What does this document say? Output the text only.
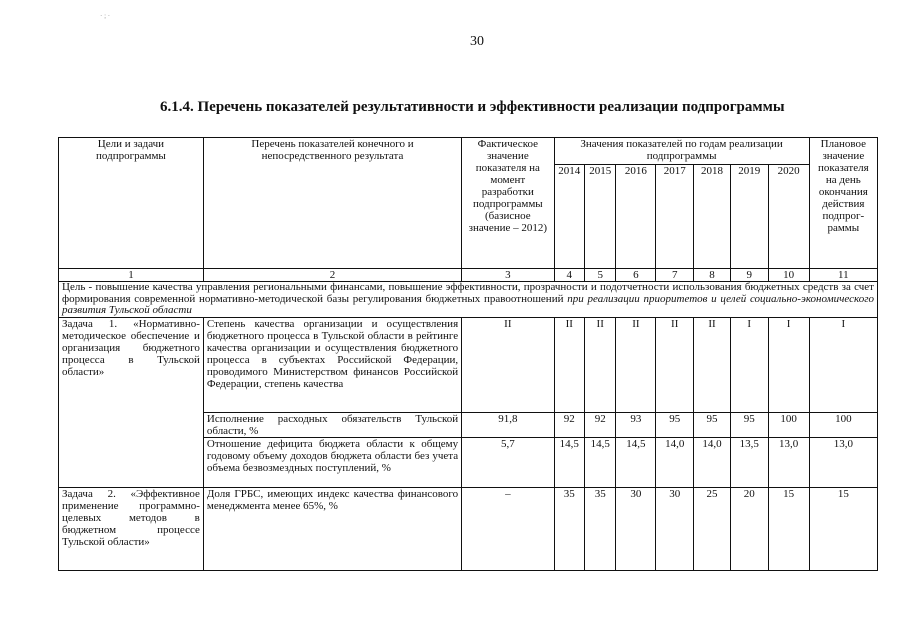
· ; ·
30
6.1.4. Перечень показателей результативности и эффективности реализации подпрограммы
Цели и задачи подпрограммы	Перечень показателей конечного и непосредственного результата	Фактическое значение показателя на момент разработки подпрограммы (базисное значение – 2012)	Значения показателей по годам реализации подпрограммы							Плановое значение показателя на день окончания действия подпрог- раммы
			2014	2015	2016	2017	2018	2019	2020	
1	2	3	4	5	6	7	8	9	10	11
Цель - повышение качества управления региональными финансами, повышение эффективности, прозрачности и подотчетности использования бюджетных средств за счет формирования современной нормативно-методической базы регулирования бюджетных правоотношений при реализации приоритетов и целей социально-экономического развития Тульской области										
Задача 1. «Нормативно-методическое обеспечение и организация бюджетного процесса в Тульской области»	Степень качества организации и осуществления бюджетного процесса в Тульской области в рейтинге качества организации и осуществления бюджетного процесса в субъектах Российской Федерации, проводимого Министерством финансов Российской Федерации, степень качества	II	II	II	II	II	II	I	I	I
	Исполнение расходных обязательств Тульской области, %	91,8	92	92	93	95	95	95	100	100
	Отношение дефицита бюджета области к общему годовому объему доходов бюджета области без учета объема безвозмездных поступлений, %	5,7	14,5	14,5	14,5	14,0	14,0	13,5	13,0	13,0
Задача 2. «Эффективное применение программно-целевых методов в бюджетном процессе Тульской области»	Доля ГРБС, имеющих индекс качества финансового менеджмента менее 65%, %	–	35	35	30	30	25	20	15	15
